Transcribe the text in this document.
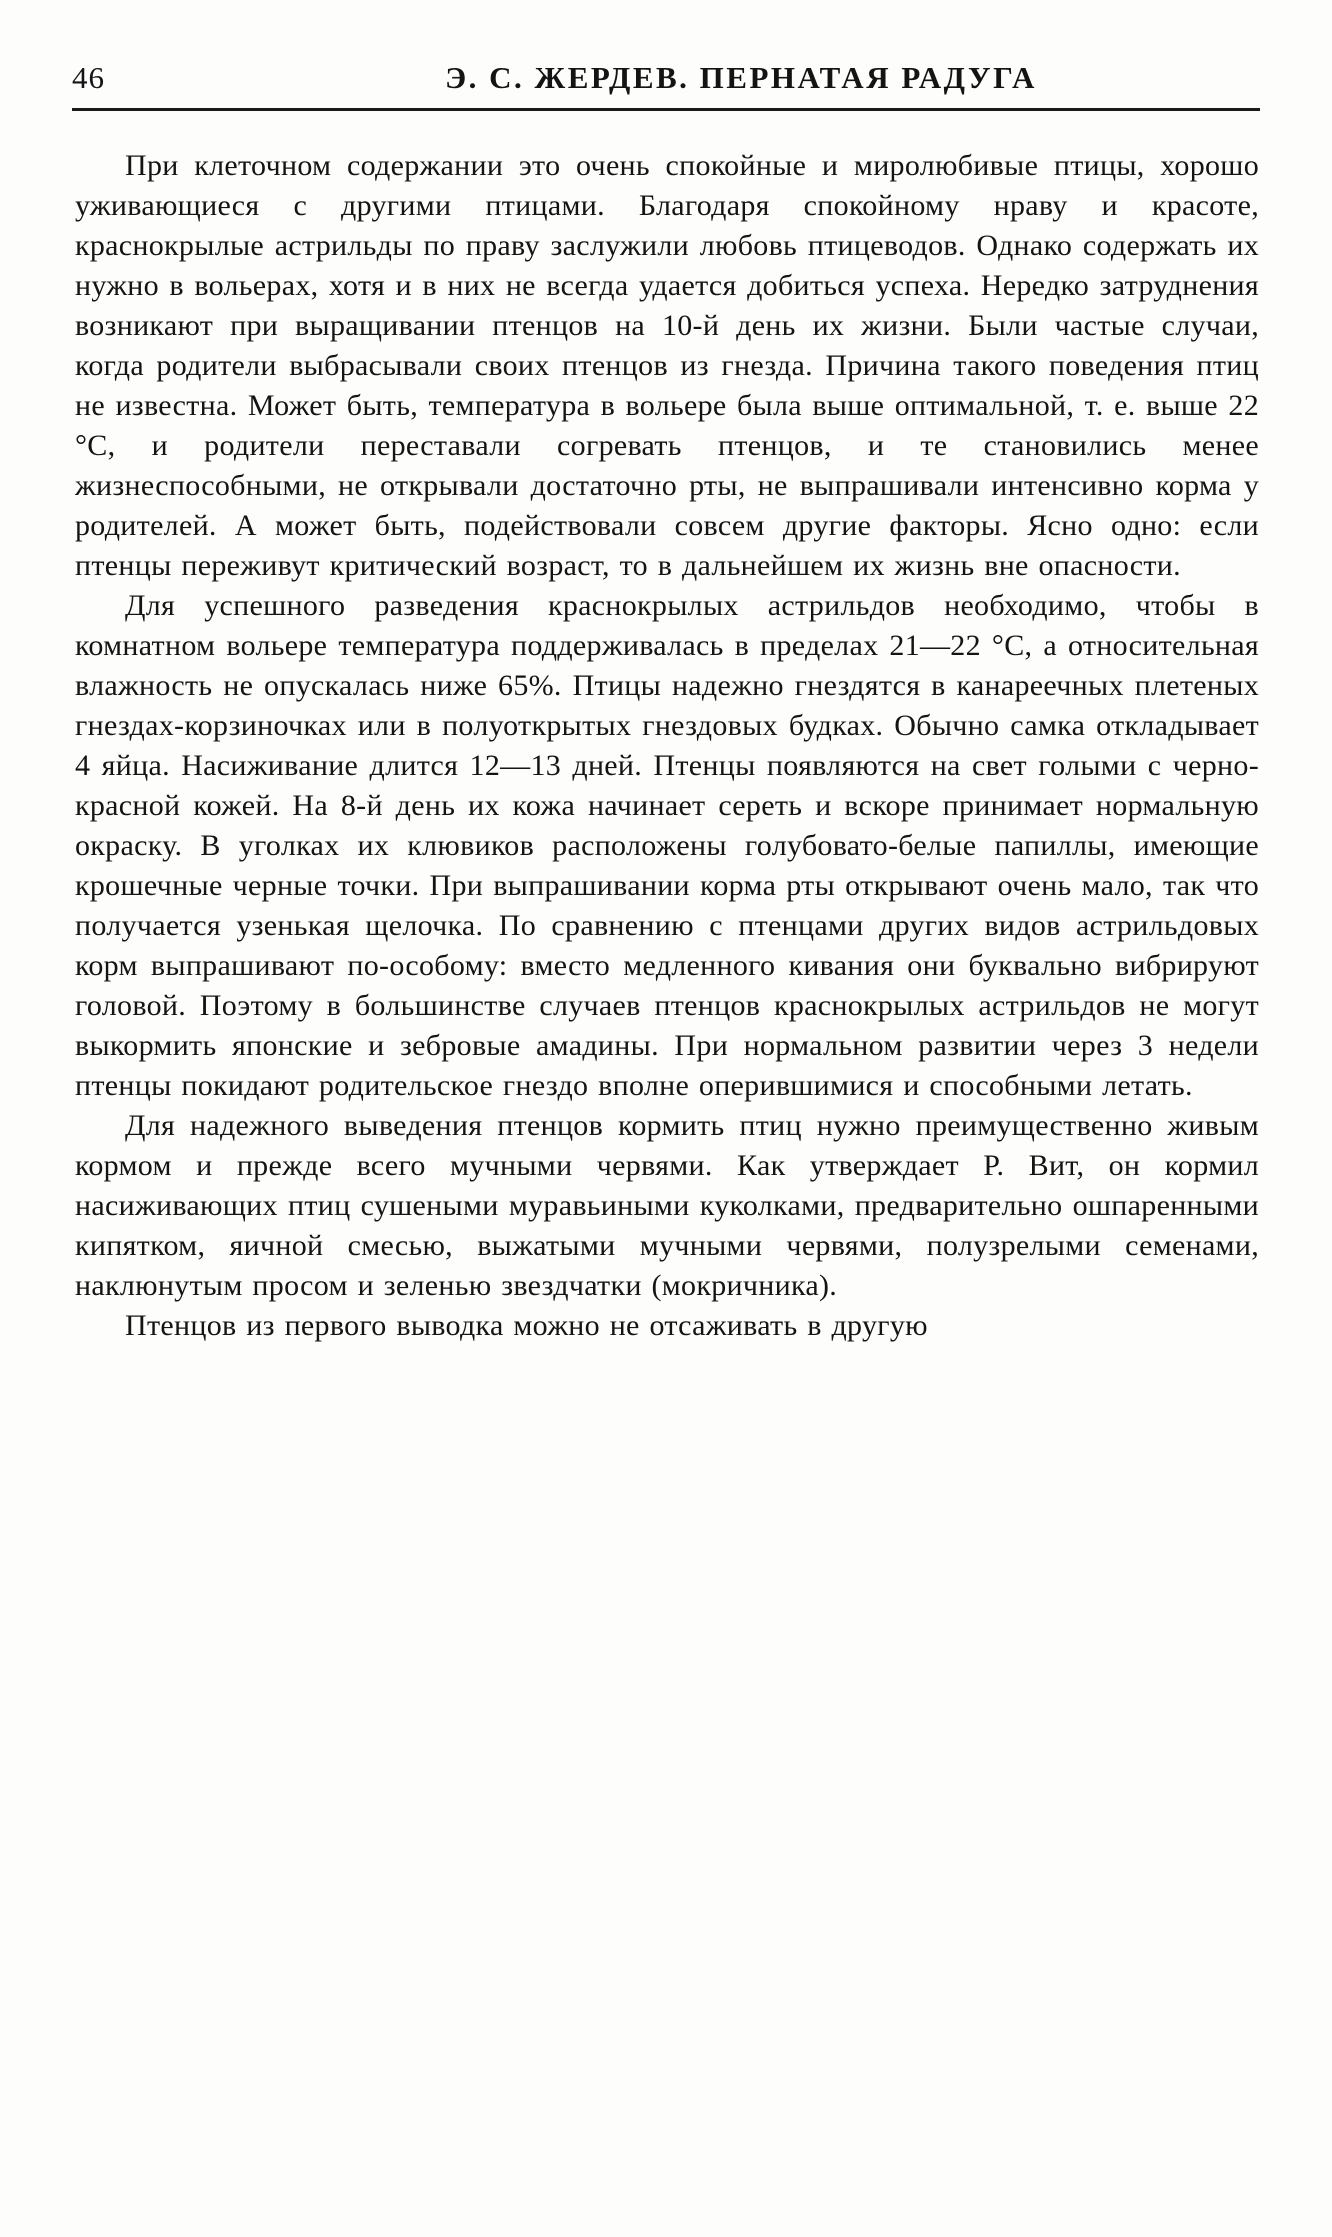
46	Э. С. ЖЕРДЕВ. ПЕРНАТАЯ РАДУГА

При клеточном содержании это очень спокойные и миролюбивые птицы, хорошо уживающиеся с другими птицами. Благодаря спокойному нраву и красоте, краснокрылые астрильды по праву заслужили любовь птицеводов. Однако содержать их нужно в вольерах, хотя и в них не всегда удается добиться успеха. Нередко затруднения возникают при выращивании птенцов на 10-й день их жизни. Были частые случаи, когда родители выбрасывали своих птенцов из гнезда. Причина такого поведения птиц не известна. Может быть, температура в вольере была выше оптимальной, т. е. выше 22 °С, и родители переставали согревать птенцов, и те становились менее жизнеспособными, не открывали достаточно рты, не выпрашивали интенсивно корма у родителей. А может быть, подействовали совсем другие факторы. Ясно одно: если птенцы переживут критический возраст, то в дальнейшем их жизнь вне опасности.

Для успешного разведения краснокрылых астрильдов необходимо, чтобы в комнатном вольере температура поддерживалась в пределах 21—22 °С, а относительная влажность не опускалась ниже 65%. Птицы надежно гнездятся в канареечных плетеных гнездах-корзиночках или в полуоткрытых гнездовых будках. Обычно самка откладывает 4 яйца. Насиживание длится 12—13 дней. Птенцы появляются на свет голыми с черно-красной кожей. На 8-й день их кожа начинает сереть и вскоре принимает нормальную окраску. В уголках их клювиков расположены голубовато-белые папиллы, имеющие крошечные черные точки. При выпрашивании корма рты открывают очень мало, так что получается узенькая щелочка. По сравнению с птенцами других видов астрильдовых корм выпрашивают по-особому: вместо медленного кивания они буквально вибрируют головой. Поэтому в большинстве случаев птенцов краснокрылых астрильдов не могут выкормить японские и зебровые амадины. При нормальном развитии через 3 недели птенцы покидают родительское гнездо вполне оперившимися и способными летать.

Для надежного выведения птенцов кормить птиц нужно преимущественно живым кормом и прежде всего мучными червями. Как утверждает Р. Вит, он кормил насиживающих птиц сушеными муравьиными куколками, предварительно ошпаренными кипятком, яичной смесью, выжатыми мучными червями, полузрелыми семенами, наклюнутым просом и зеленью звездчатки (мокричника).

Птенцов из первого выводка можно не отсаживать в другую
